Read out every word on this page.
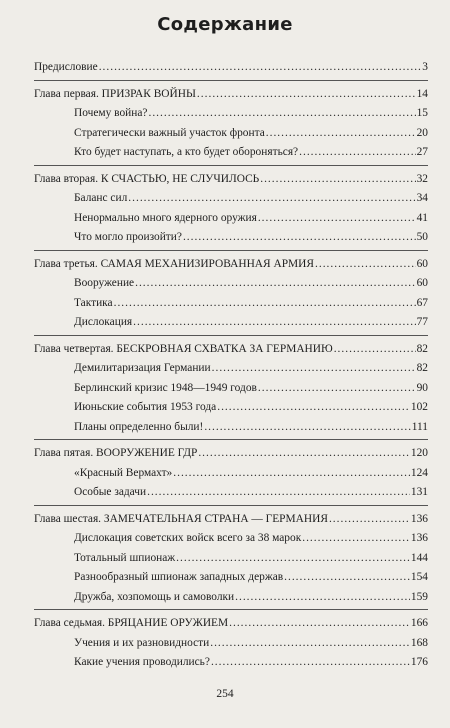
Содержание
Предисловие .....	3
Глава первая. ПРИЗРАК ВОЙНЫ .....	14
Почему война? .....	15
Стратегически важный участок фронта .....	20
Кто будет наступать, а кто будет обороняться? .....	27
Глава вторая. К СЧАСТЬЮ, НЕ СЛУЧИЛОСЬ .....	32
Баланс сил .....	34
Ненормально много ядерного оружия .....	41
Что могло произойти? .....	50
Глава третья. САМАЯ МЕХАНИЗИРОВАННАЯ АРМИЯ .....	60
Вооружение .....	60
Тактика .....	67
Дислокация .....	77
Глава четвертая. БЕСКРОВНАЯ СХВАТКА ЗА ГЕРМАНИЮ .....	82
Демилитаризация Германии .....	82
Берлинский кризис 1948—1949 годов .....	90
Июньские события 1953 года .....	102
Планы определенно были! .....	111
Глава пятая. ВООРУЖЕНИЕ ГДР .....	120
«Красный Вермахт» .....	124
Особые задачи .....	131
Глава шестая. ЗАМЕЧАТЕЛЬНАЯ СТРАНА — ГЕРМАНИЯ .....	136
Дислокация советских войск всего за 38 марок .....	136
Тотальный шпионаж .....	144
Разнообразный шпионаж западных держав .....	154
Дружба, хозпомощь и самоволки .....	159
Глава седьмая. БРЯЦАНИЕ ОРУЖИЕМ .....	166
Учения и их разновидности .....	168
Какие учения проводились? .....	176
254
